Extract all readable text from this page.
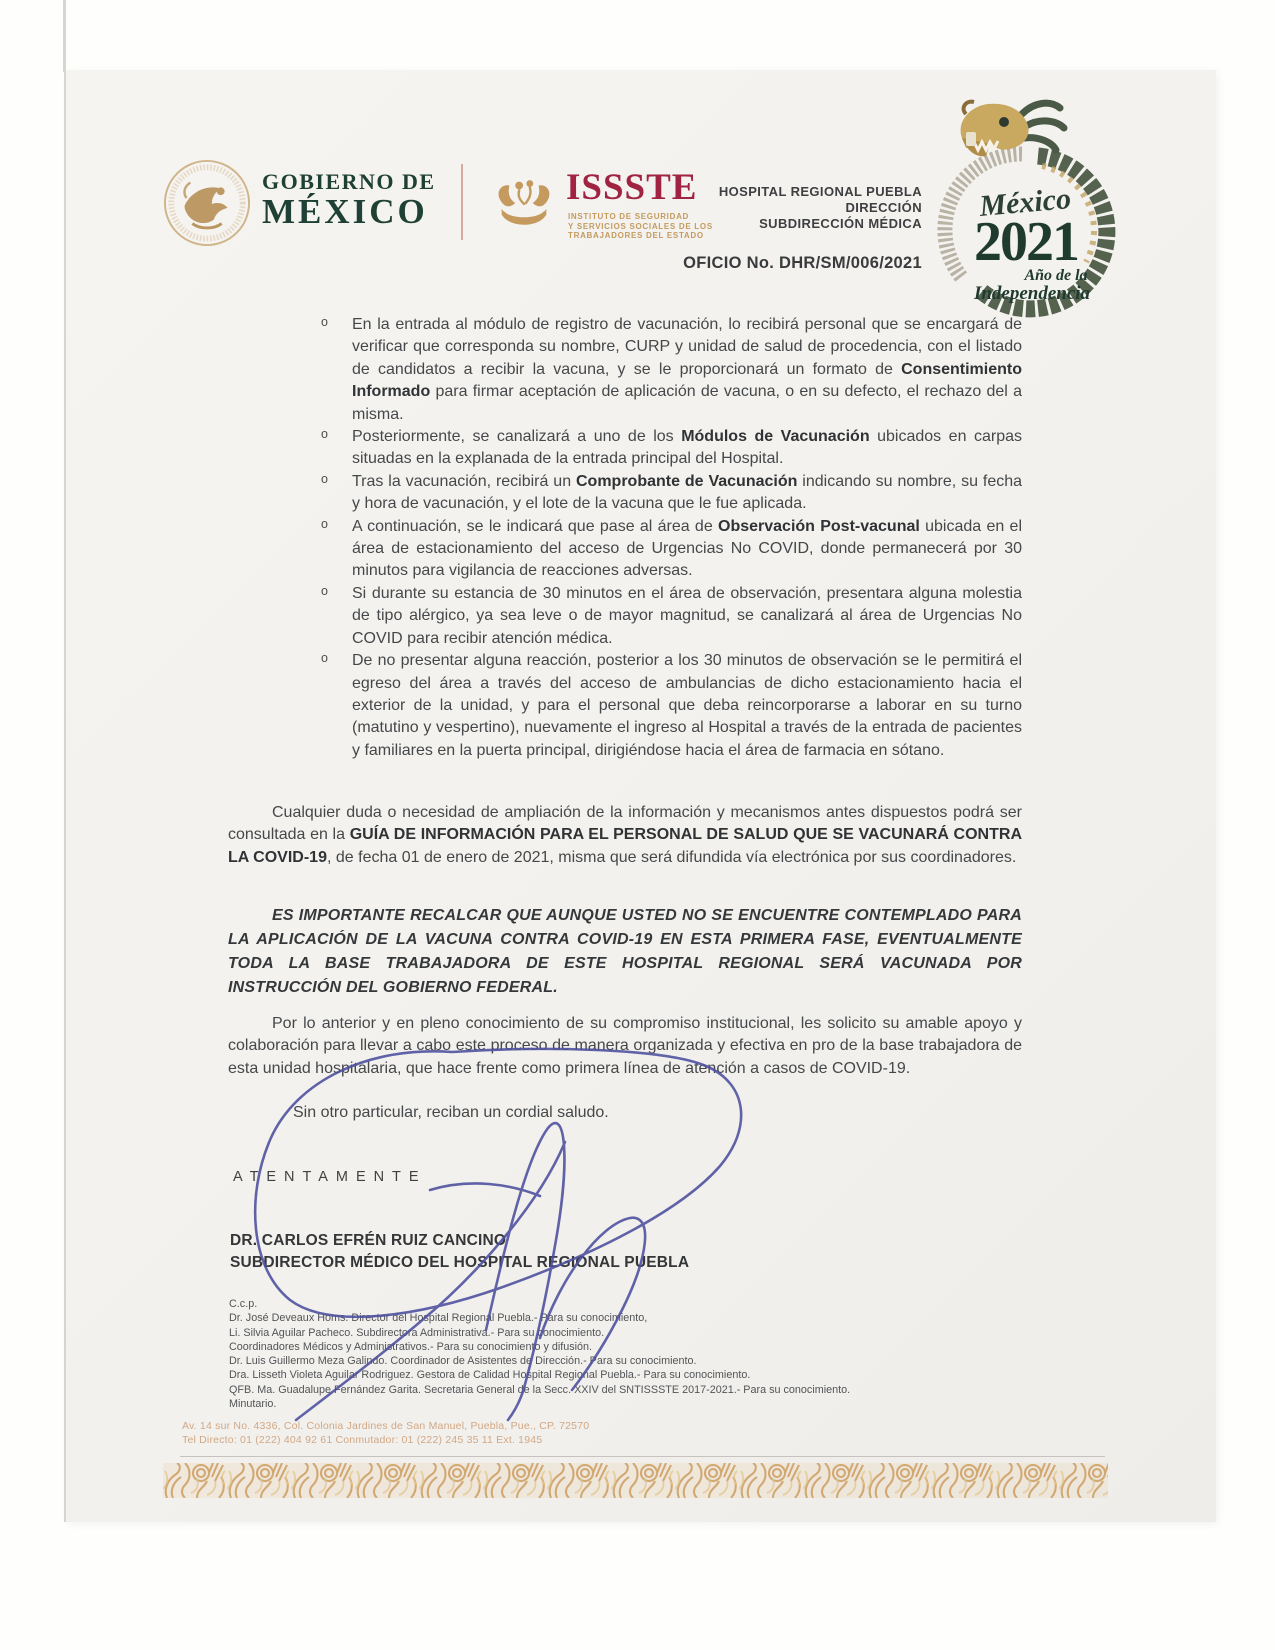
GOBIERNO DE
MÉXICO
ISSSTE
INSTITUTO DE SEGURIDAD
Y SERVICIOS SOCIALES DE LOS
TRABAJADORES DEL ESTADO
HOSPITAL REGIONAL PUEBLA
DIRECCIÓN
SUBDIRECCIÓN MÉDICA
OFICIO No. DHR/SM/006/2021
México
2021
Año de la
Independencia
o En la entrada al módulo de registro de vacunación, lo recibirá personal que se encargará de verificar que corresponda su nombre, CURP y unidad de salud de procedencia, con el listado de candidatos a recibir la vacuna, y se le proporcionará un formato de Consentimiento Informado para firmar aceptación de aplicación de vacuna, o en su defecto, el rechazo del a misma.
o Posteriormente, se canalizará a uno de los Módulos de Vacunación ubicados en carpas situadas en la explanada de la entrada principal del Hospital.
o Tras la vacunación, recibirá un Comprobante de Vacunación indicando su nombre, su fecha y hora de vacunación, y el lote de la vacuna que le fue aplicada.
o A continuación, se le indicará que pase al área de Observación Post-vacunal ubicada en el área de estacionamiento del acceso de Urgencias No COVID, donde permanecerá por 30 minutos para vigilancia de reacciones adversas.
o Si durante su estancia de 30 minutos en el área de observación, presentara alguna molestia de tipo alérgico, ya sea leve o de mayor magnitud, se canalizará al área de Urgencias No COVID para recibir atención médica.
o De no presentar alguna reacción, posterior a los 30 minutos de observación se le permitirá el egreso del área a través del acceso de ambulancias de dicho estacionamiento hacia el exterior de la unidad, y para el personal que deba reincorporarse a laborar en su turno (matutino y vespertino), nuevamente el ingreso al Hospital a través de la entrada de pacientes y familiares en la puerta principal, dirigiéndose hacia el área de farmacia en sótano.

Cualquier duda o necesidad de ampliación de la información y mecanismos antes dispuestos podrá ser consultada en la GUÍA DE INFORMACIÓN PARA EL PERSONAL DE SALUD QUE SE VACUNARÁ CONTRA LA COVID-19, de fecha 01 de enero de 2021, misma que será difundida vía electrónica por sus coordinadores.

ES IMPORTANTE RECALCAR QUE AUNQUE USTED NO SE ENCUENTRE CONTEMPLADO PARA LA APLICACIÓN DE LA VACUNA CONTRA COVID-19 EN ESTA PRIMERA FASE, EVENTUALMENTE TODA LA BASE TRABAJADORA DE ESTE HOSPITAL REGIONAL SERÁ VACUNADA POR INSTRUCCIÓN DEL GOBIERNO FEDERAL.

Por lo anterior y en pleno conocimiento de su compromiso institucional, les solicito su amable apoyo y colaboración para llevar a cabo este proceso de manera organizada y efectiva en pro de la base trabajadora de esta unidad hospitalaria, que hace frente como primera línea de atención a casos de COVID-19.

Sin otro particular, reciban un cordial saludo.
ATENTAMENTE
DR. CARLOS EFRÉN RUIZ CANCINO
SUBDIRECTOR MÉDICO DEL HOSPITAL REGIONAL PUEBLA
C.c.p.
Dr. José Deveaux Homs. Director del Hospital Regional Puebla.- Para su conocimiento,
Li. Silvia Aguilar Pacheco. Subdirectora Administrativa.- Para su conocimiento.
Coordinadores Médicos y Administrativos.- Para su conocimiento y difusión.
Dr. Luis Guillermo Meza Galindo. Coordinador de Asistentes de Dirección.- Para su conocimiento.
Dra. Lisseth Violeta Aguilar Rodriguez. Gestora de Calidad Hospital Regional Puebla.- Para su conocimiento.
QFB. Ma. Guadalupe Fernández Garita. Secretaria General de la Secc. XXIV del SNTISSSTE 2017-2021.- Para su conocimiento.
Minutario.
Av. 14 sur No. 4336, Col. Colonia Jardines de San Manuel, Puebla, Pue., CP. 72570
Tel Directo: 01 (222) 404 92 61 Conmutador: 01 (222) 245 35 11 Ext. 1945
